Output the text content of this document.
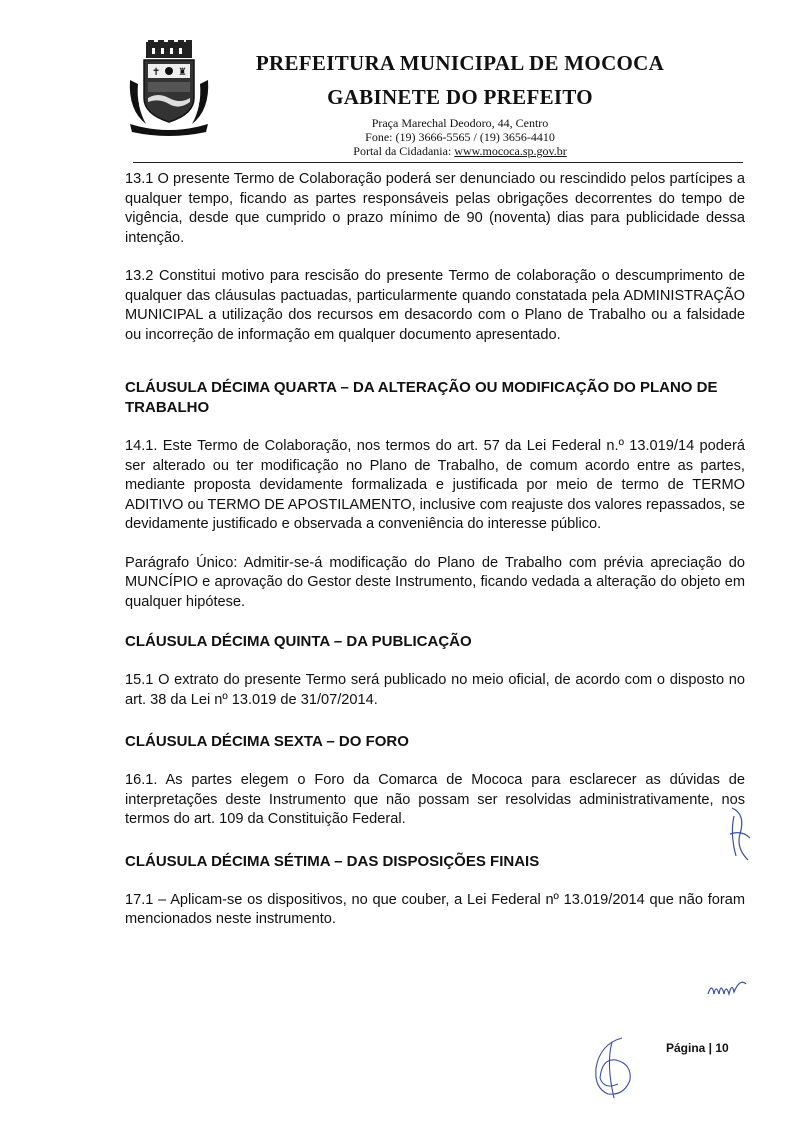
✝ ♜	PREFEITURA MUNICIPAL DE MOCOCA

GABINETE DO PREFEITO

Praça Marechal Deodoro, 44, Centro

Fone: (19) 3666-5565 / (19) 3656-4410

Portal da Cidadania: www.mococa.sp.gov.br

13.1 O presente Termo de Colaboração poderá ser denunciado ou rescindido pelos partícipes a qualquer tempo, ficando as partes responsáveis pelas obrigações decorrentes do tempo de vigência, desde que cumprido o prazo mínimo de 90 (noventa) dias para publicidade dessa intenção.

13.2 Constitui motivo para rescisão do presente Termo de colaboração o descumprimento de qualquer das cláusulas pactuadas, particularmente quando constatada pela ADMINISTRAÇÃO MUNICIPAL a utilização dos recursos em desacordo com o Plano de Trabalho ou a falsidade ou incorreção de informação em qualquer documento apresentado.

CLÁUSULA DÉCIMA QUARTA – DA ALTERAÇÃO OU MODIFICAÇÃO DO PLANO DE TRABALHO

14.1. Este Termo de Colaboração, nos termos do art. 57 da Lei Federal n.º 13.019/14 poderá ser alterado ou ter modificação no Plano de Trabalho, de comum acordo entre as partes, mediante proposta devidamente formalizada e justificada por meio de termo de TERMO ADITIVO ou TERMO DE APOSTILAMENTO, inclusive com reajuste dos valores repassados, se devidamente justificado e observada a conveniência do interesse público.

Parágrafo Único: Admitir-se-á modificação do Plano de Trabalho com prévia apreciação do MUNCÍPIO e aprovação do Gestor deste Instrumento, ficando vedada a alteração do objeto em qualquer hipótese.

CLÁUSULA DÉCIMA QUINTA – DA PUBLICAÇÃO

15.1 O extrato do presente Termo será publicado no meio oficial, de acordo com o disposto no art. 38 da Lei nº 13.019 de 31/07/2014.

CLÁUSULA DÉCIMA SEXTA – DO FORO

16.1. As partes elegem o Foro da Comarca de Mococa para esclarecer as dúvidas de interpretações deste Instrumento que não possam ser resolvidas administrativamente, nos termos do art. 109 da Constituição Federal.

CLÁUSULA DÉCIMA SÉTIMA – DAS DISPOSIÇÕES FINAIS

17.1 – Aplicam-se os dispositivos, no que couber, a Lei Federal nº 13.019/2014 que não foram mencionados neste instrumento.

Página | 10
